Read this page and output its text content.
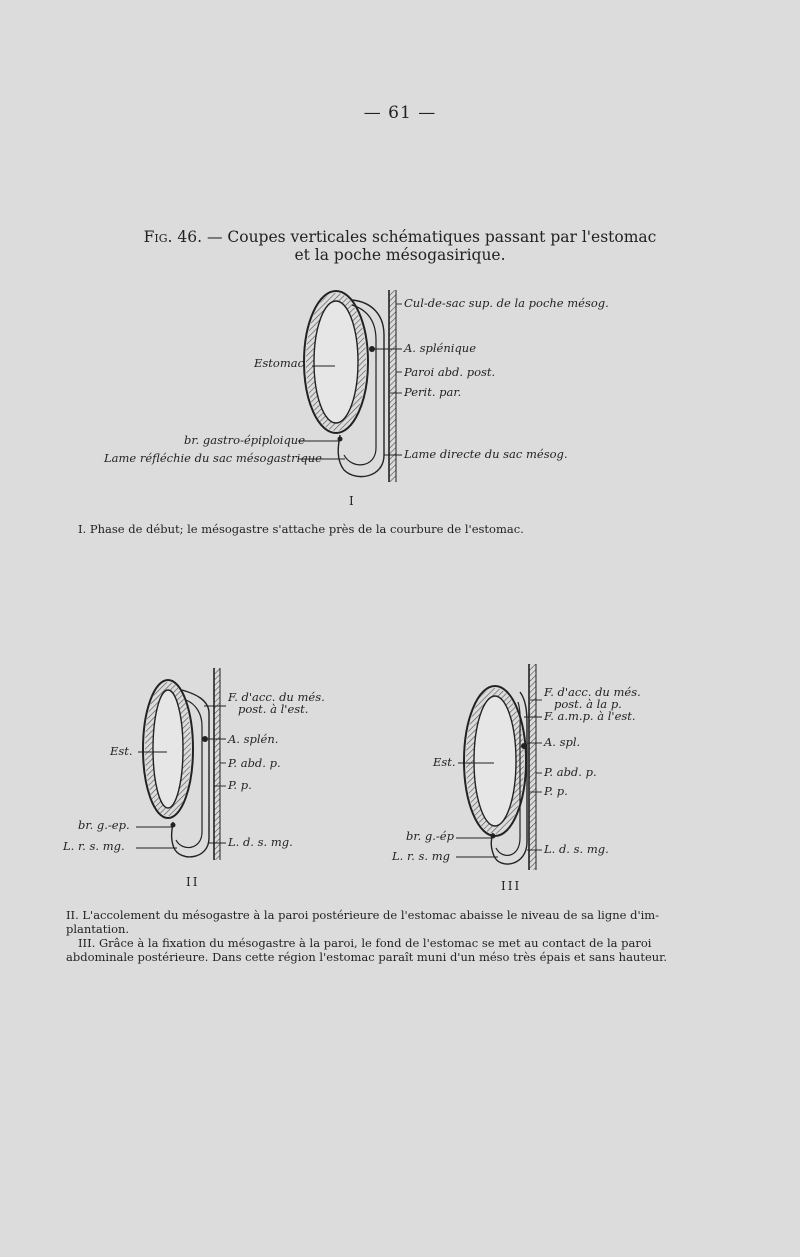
— 61 —
Fig. 46. — Coupes verticales schématiques passant par l'estomac
et la poche mésogasirique.
Cul-de-sac sup. de la poche mésog.
A. splénique
Paroi abd. post.
Perit. par.
Estomac
br. gastro-épiploique
Lame réfléchie du sac mésogastrique	Lame directe du sac mésog.
I
I. Phase de début; le mésogastre s'attache près de la courbure de l'estomac.
F. d'acc. du més.
post. à l'est.
A. splén.
Est.
P. abd. p.
P. p.
br. g.-ep.
L. r. s. mg.	L. d. s. mg.
II
F. d'acc. du més.
post. à la p.
F. a.m.p. à l'est.
A. spl.
Est.
P. abd. p.
P. p.
br. g.-ép
L. r. s. mg	L. d. s. mg.
III
II. L'accolement du mésogastre à la paroi postérieure de l'estomac abaisse le niveau de sa ligne d'im-
plantation.
III. Grâce à la fixation du mésogastre à la paroi, le fond de l'estomac se met au contact de la paroi
abdominale postérieure. Dans cette région l'estomac paraît muni d'un méso très épais et sans hauteur.
